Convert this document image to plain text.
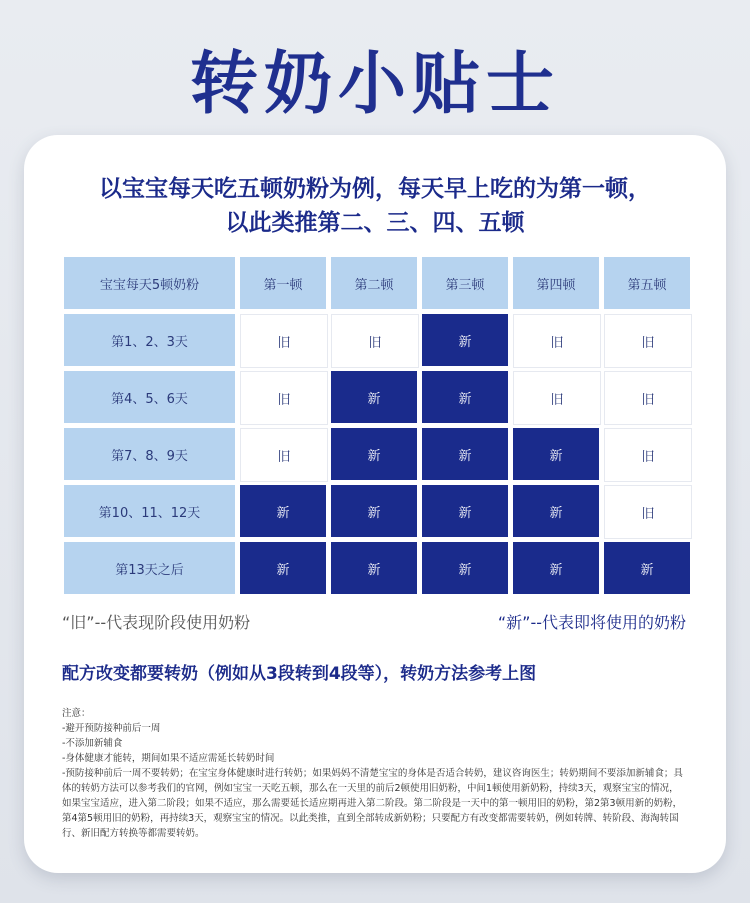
转奶小贴士
以宝宝每天吃五顿奶粉为例，每天早上吃的为第一顿，
以此类推第二、三、四、五顿
宝宝每天5顿奶粉	第一顿	第二顿	第三顿	第四顿	第五顿
第1、2、3天	旧	旧	新	旧	旧
第4、5、6天	旧	新	新	旧	旧
第7、8、9天	旧	新	新	新	旧
第10、11、12天	新	新	新	新	旧
第13天之后	新	新	新	新	新
“旧”--代表现阶段使用奶粉	“新”--代表即将使用的奶粉
配方改变都要转奶（例如从3段转到4段等），转奶方法参考上图
注意：
-避开预防接种前后一周
-不添加新辅食
-身体健康才能转，期间如果不适应需延长转奶时间
-预防接种前后一周不要转奶；在宝宝身体健康时进行转奶；如果妈妈不清楚宝宝的身体是否适合转奶，建议咨询医生；转奶期间不要添加新辅食；具体的转奶方法可以参考我们的官网，例如宝宝一天吃五顿，那么在一天里的前后2顿使用旧奶粉，中间1顿使用新奶粉，持续3天，观察宝宝的情况，如果宝宝适应，进入第二阶段；如果不适应，那么需要延长适应期再进入第二阶段。第二阶段是一天中的第一顿用旧的奶粉，第2第3顿用新的奶粉，第4第5顿用旧的奶粉，再持续3天，观察宝宝的情况。以此类推，直到全部转成新奶粉；只要配方有改变都需要转奶，例如转牌、转阶段、海淘转国行、新旧配方转换等都需要转奶。
